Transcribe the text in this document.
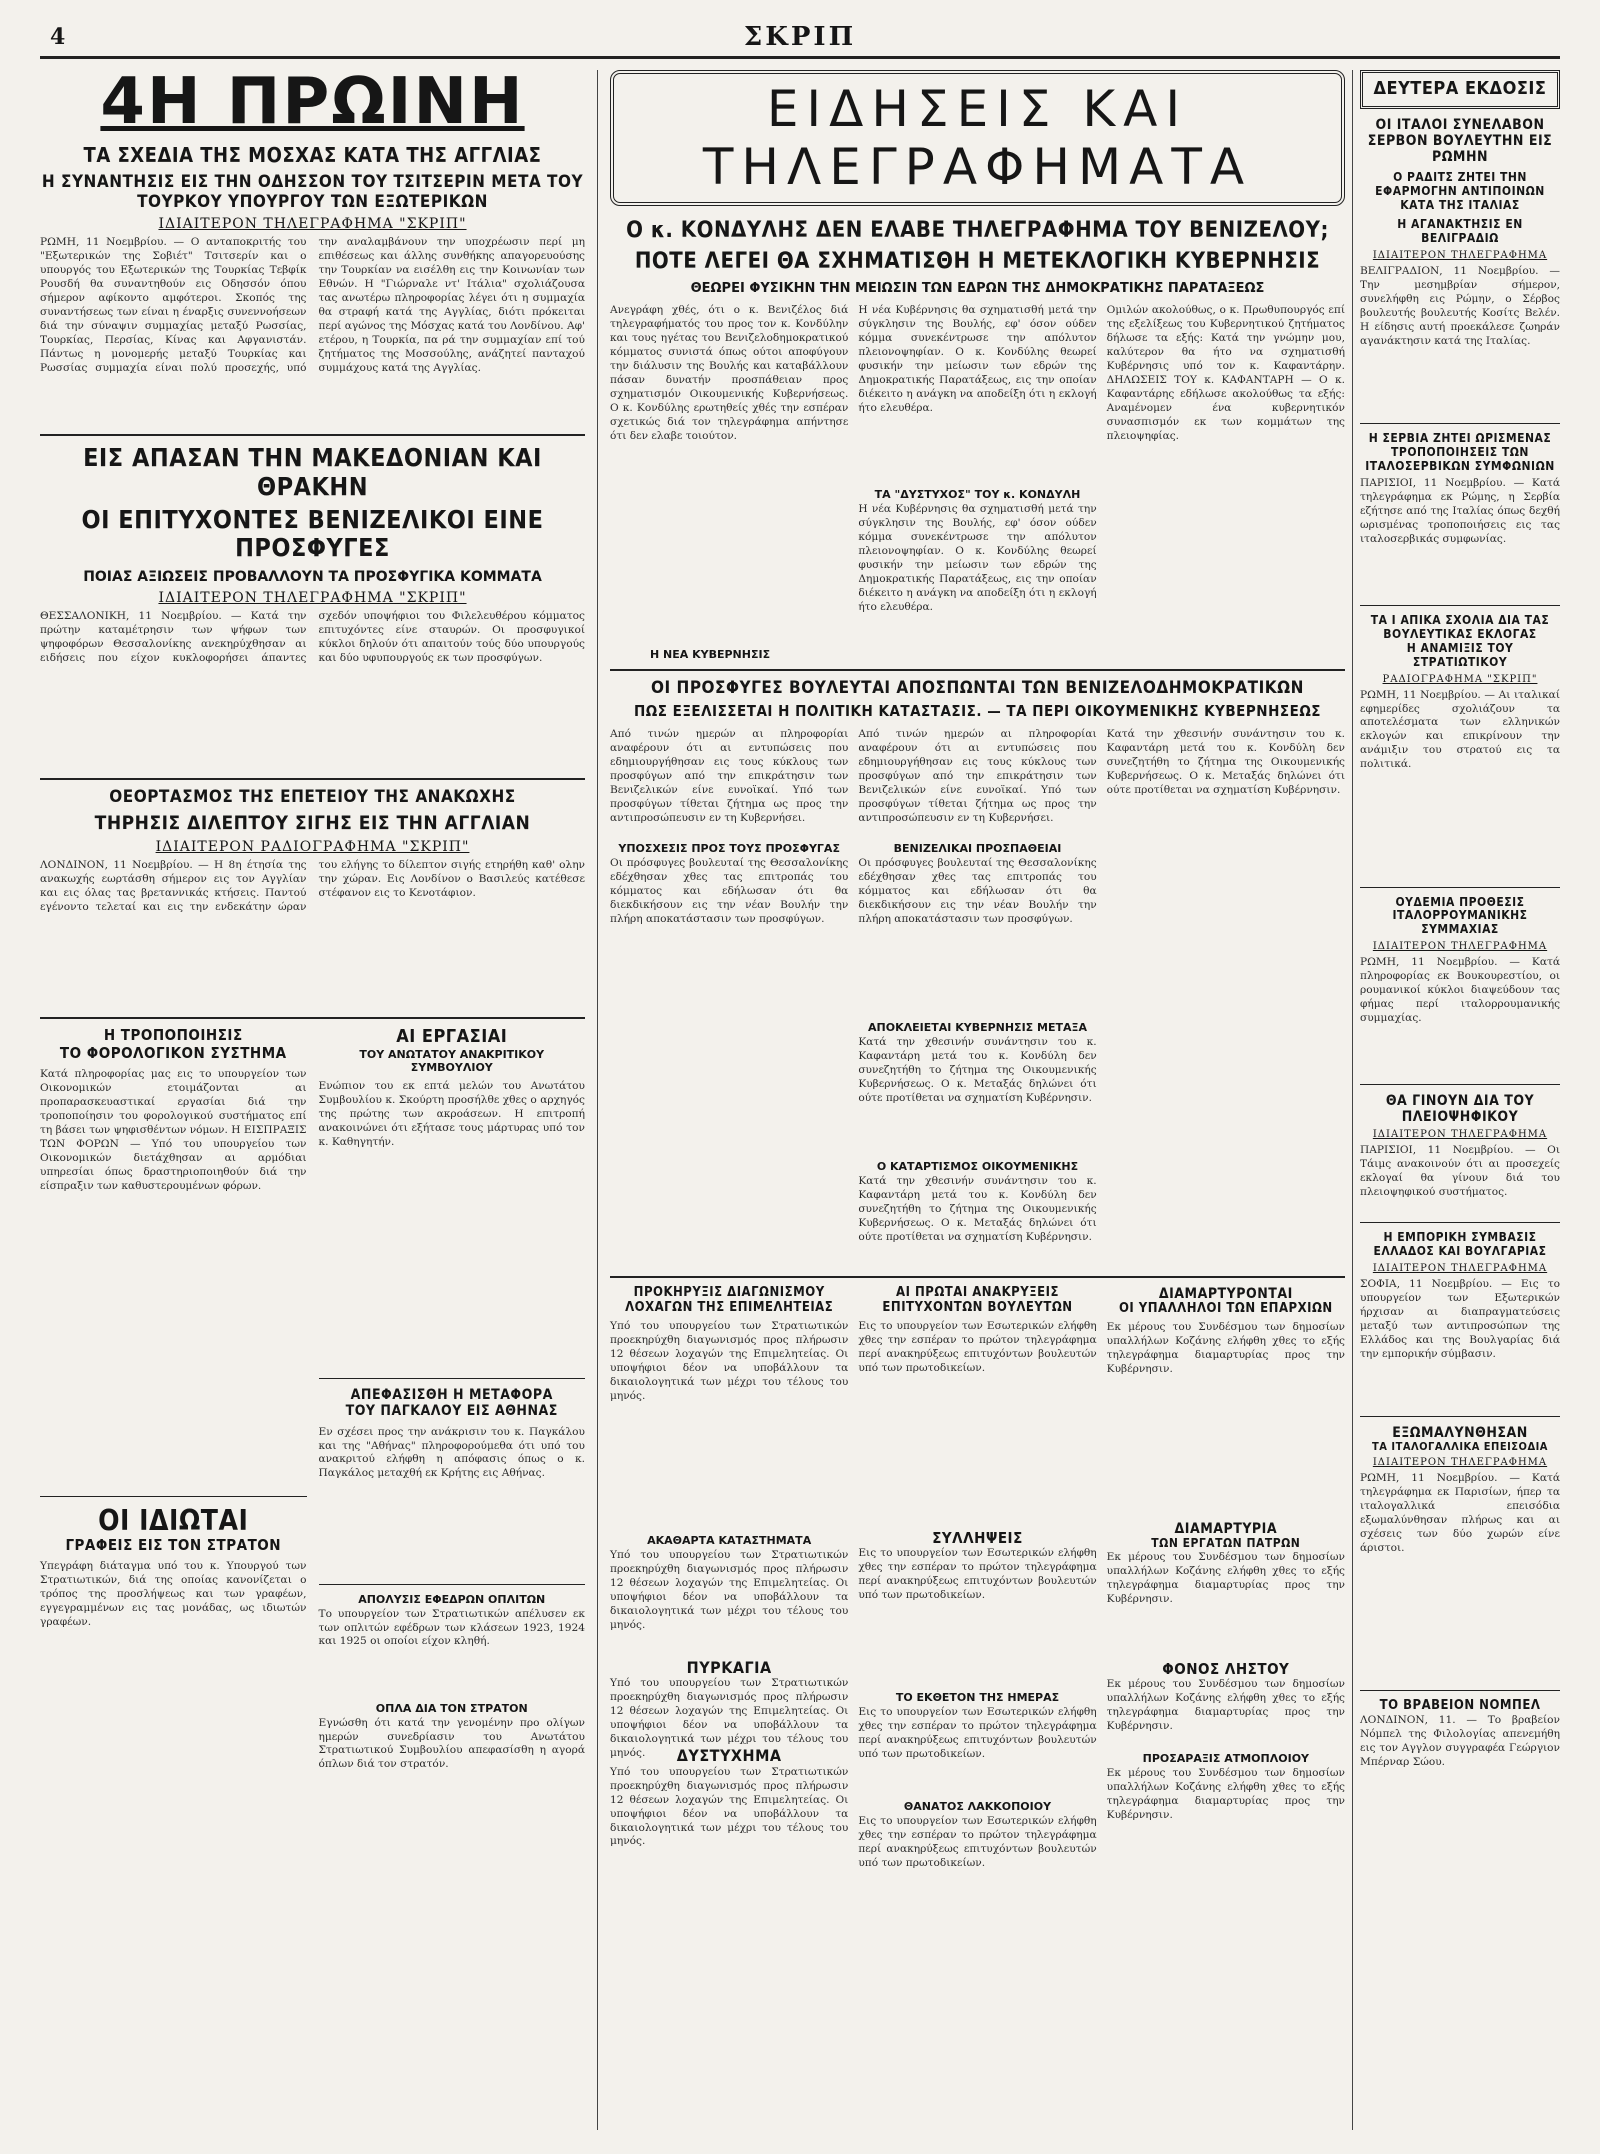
4	ΣΚΡΙΠ
4Η ΠΡΩΙΝΗ
ΤΑ ΣΧΕΔΙΑ ΤΗΣ ΜΟΣΧΑΣ ΚΑΤΑ ΤΗΣ ΑΓΓΛΙΑΣ
Η ΣΥΝΑΝΤΗΣΙΣ ΕΙΣ ΤΗΝ ΟΔΗΣΣΟΝ ΤΟΥ ΤΣΙΤΣΕΡΙΝ ΜΕΤΑ ΤΟΥ ΤΟΥΡΚΟΥ ΥΠΟΥΡΓΟΥ ΤΩΝ ΕΞΩΤΕΡΙΚΩΝ
ΙΔΙΑΙΤΕΡΟΝ ΤΗΛΕΓΡΑΦΗΜΑ "ΣΚΡΙΠ"
ΡΩΜΗ, 11 Νοεμβρίου. — Ο ανταποκριτής του "Εξωτερικών της Σοβιέτ" Τσιτσερίν και ο υπουργός του Εξωτερικών της Τουρκίας Τεβφίκ Ρουσδή θα συναντηθούν εις Οδησσόν όπου σήμερον αφίκοντο αμφότεροι. Σκοπός της συναντήσεως των είναι η έναρξις συνεννοήσεων διά την σύναψιν συμμαχίας μεταξύ Ρωσσίας, Τουρκίας, Περσίας, Κίνας και Αφγανιστάν. Πάντως η μονομερής μεταξύ Τουρκίας και Ρωσσίας συμμαχία είναι πολύ προσεχής, υπό την αναλαμβάνουν την υποχρέωσιν περί μη επιθέσεως και άλλης συνθήκης απαγορευούσης την Τουρκίαν να εισέλθη εις την Κοινωνίαν των Εθνών. Η "Γιώρναλε ντ' Ιτάλια" σχολιάζουσα τας ανωτέρω πληροφορίας λέγει ότι η συμμαχία θα στραφή κατά της Αγγλίας, διότι πρόκειται περί αγώνος της Μόσχας κατά του Λονδίνου. Αφ' ετέρου, η Τουρκία, πα ρά την συμμαχίαν επί τού ζητήματος της Μοσσούλης, ανάζητεί πανταχού συμμάχους κατά της Αγγλίας.
ΕΙΣ ΑΠΑΣΑΝ ΤΗΝ ΜΑΚΕΔΟΝΙΑΝ ΚΑΙ ΘΡΑΚΗΝ
ΟΙ ΕΠΙΤΥΧΟΝΤΕΣ ΒΕΝΙΖΕΛΙΚΟΙ ΕΙΝΕ ΠΡΟΣΦΥΓΕΣ
ΠΟΙΑΣ ΑΞΙΩΣΕΙΣ ΠΡΟΒΑΛΛΟΥΝ ΤΑ ΠΡΟΣΦΥΓΙΚΑ ΚΟΜΜΑΤΑ
ΙΔΙΑΙΤΕΡΟΝ ΤΗΛΕΓΡΑΦΗΜΑ "ΣΚΡΙΠ"
ΘΕΣΣΑΛΟΝΙΚΗ, 11 Νοεμβρίου. — Κατά την πρώτην καταμέτρησιν των ψήφων των ψηφοφόρων Θεσσαλονίκης ανεκηρύχθησαν αι ειδήσεις που είχον κυκλοφορήσει άπαντες σχεδόν υποψήφιοι του Φιλελευθέρου κόμματος επιτυχόντες είνε σταυρών. Οι προσφυγικοί κύκλοι δηλούν ότι απαιτούν τούς δύο υπουργούς και δύο υφυπουργούς εκ των προσφύγων.
ΟΕΟΡΤΑΣΜΟΣ ΤΗΣ ΕΠΕΤΕΙΟΥ ΤΗΣ ΑΝΑΚΩΧΗΣ
ΤΗΡΗΣΙΣ ΔΙΛΕΠΤΟΥ ΣΙΓΗΣ ΕΙΣ ΤΗΝ ΑΓΓΛΙΑΝ
ΙΔΙΑΙΤΕΡΟΝ ΡΑΔΙΟΓΡΑΦΗΜΑ "ΣΚΡΙΠ"
ΛΟΝΔΙΝΟΝ, 11 Νοεμβρίου. — Η 8η έτησία της ανακωχής εωρτάσθη σήμερον εις τον Αγγλίαν και εις όλας τας βρεταννικάς κτήσεις. Παντού εγένοντο τελεταί και εις την ενδεκάτην ώραν του ελήγης το δίλεπτον σιγής ετηρήθη καθ' ολην την χώραν. Εις Λονδίνον ο Βασιλεύς κατέθεσε στέφανον εις το Κενοτάφιον.
Η ΤΡΟΠΟΠΟΙΗΣΙΣ
ΤΟ ΦΟΡΟΛΟΓΙΚΟΝ ΣΥΣΤΗΜΑ
Κατά πληροφορίας μας εις το υπουργείον των Οικονομικών ετοιμάζονται αι προπαρασκευαστικαί εργασίαι διά την τροποποίησιν του φορολογικού συστήματος επί τη βάσει των ψηφισθέντων νόμων. Η ΕΙΣΠΡΑΞΙΣ ΤΩΝ ΦΟΡΩΝ — Υπό του υπουργείου των Οικονομικών διετάχθησαν αι αρμόδιαι υπηρεσίαι όπως δραστηριοποιηθούν διά την είσπραξιν των καθυστερουμένων φόρων.
ΟΙ ΙΔΙΩΤΑΙ
ΓΡΑΦΕΙΣ ΕΙΣ ΤΟΝ ΣΤΡΑΤΟΝ
Υπεγράφη διάταγμα υπό του κ. Υπουργού των Στρατιωτικών, διά της οποίας κανονίζεται ο τρόπος της προσλήψεως και των γραφέων, εγγεγραμμένων εις τας μονάδας, ως ιδιωτών γραφέων.
ΑΙ ΕΡΓΑΣΙΑΙ
ΤΟΥ ΑΝΩΤΑΤΟΥ ΑΝΑΚΡΙΤΙΚΟΥ ΣΥΜΒΟΥΛΙΟΥ
Ενώπιον του εκ επτά μελών του Ανωτάτου Συμβουλίου κ. Σκούρτη προσήλθε χθες ο αρχηγός της πρώτης των ακροάσεων. Η επιτροπή ανακοινώνει ότι εξήτασε τους μάρτυρας υπό τον κ. Καθηγητήν.
ΑΠΕΦΑΣΙΣΘΗ Η ΜΕΤΑΦΟΡΑ
ΤΟΥ ΠΑΓΚΑΛΟΥ ΕΙΣ ΑΘΗΝΑΣ
Εν σχέσει προς την ανάκρισιν του κ. Παγκάλου και της "Αθήνας" πληροφορούμεθα ότι υπό του ανακριτού ελήφθη η απόφασις όπως ο κ. Παγκάλος μεταχθή εκ Κρήτης εις Αθήνας.
ΑΠΟΛΥΣΙΣ ΕΦΕΔΡΩΝ ΟΠΛΙΤΩΝ
Το υπουργείον των Στρατιωτικών απέλυσεν εκ των οπλιτών εφέδρων των κλάσεων 1923, 1924 και 1925 οι οποίοι είχον κληθή.
ΟΠΛΑ ΔΙΑ ΤΟΝ ΣΤΡΑΤΟΝ
Εγνώσθη ότι κατά την γενομένην προ ολίγων ημερών συνεδρίασιν του Ανωτάτου Στρατιωτικού Συμβουλίου απεφασίσθη η αγορά όπλων διά τον στρατόν.
ΕΙΔΗΣΕΙΣ ΚΑΙ ΤΗΛΕΓΡΑΦΗΜΑΤΑ
Ο κ. ΚΟΝΔΥΛΗΣ ΔΕΝ ΕΛΑΒΕ ΤΗΛΕΓΡΑΦΗΜΑ ΤΟΥ ΒΕΝΙΖΕΛΟΥ;
ΠΟΤΕ ΛΕΓΕΙ ΘΑ ΣΧΗΜΑΤΙΣΘΗ Η ΜΕΤΕΚΛΟΓΙΚΗ ΚΥΒΕΡΝΗΣΙΣ
ΘΕΩΡΕΙ ΦΥΣΙΚΗΝ ΤΗΝ ΜΕΙΩΣΙΝ ΤΩΝ ΕΔΡΩΝ ΤΗΣ ΔΗΜΟΚΡΑΤΙΚΗΣ ΠΑΡΑΤΑΞΕΩΣ
Ανεγράφη χθές, ότι ο κ. Βενιζέλος διά τηλεγραφήματός του προς τον κ. Κονδύλην και τους ηγέτας του Βενιζελοδημοκρατικού κόμματος συνιστά όπως ούτοι αποφύγουν την διάλυσιν της Βουλής και καταβάλλουν πάσαν δυνατήν προσπάθειαν προς σχηματισμόν Οικουμενικής Κυβερνήσεως. Ο κ. Κονδύλης ερωτηθείς χθές την εσπέραν σχετικώς διά τον τηλεγράφημα απήντησε ότι δεν ελαβε τοιούτον.
Η νέα Κυβέρνησις θα σχηματισθή μετά την σύγκλησιν της Βουλής, εφ' όσον ούδεν κόμμα συνεκέντρωσε την απόλυτον πλειονοψηφίαν. Ο κ. Κονδύλης θεωρεί φυσικήν την μείωσιν των εδρών της Δημοκρατικής Παρατάξεως, εις την οποίαν διέκειτο η ανάγκη να αποδείξη ότι η εκλογή ήτο ελευθέρα.
ΤΑ "ΔΥΣΤΥΧΟΣ" ΤΟΥ κ. ΚΟΝΔΥΛΗ
Η νέα Κυβέρνησις θα σχηματισθή μετά την σύγκλησιν της Βουλής, εφ' όσον ούδεν κόμμα συνεκέντρωσε την απόλυτον πλειονοψηφίαν. Ο κ. Κονδύλης θεωρεί φυσικήν την μείωσιν των εδρών της Δημοκρατικής Παρατάξεως, εις την οποίαν διέκειτο η ανάγκη να αποδείξη ότι η εκλογή ήτο ελευθέρα.
Ομιλών ακολούθως, ο κ. Πρωθυπουργός επί της εξελίξεως του Κυβερνητικού ζητήματος δήλωσε τα εξής: Κατά την γνώμην μου, καλύτερον θα ήτο να σχηματισθή Κυβέρνησις υπό τον κ. Καφαντάρην. ΔΗΛΩΣΕΙΣ ΤΟΥ κ. ΚΑΦΑΝΤΑΡΗ — Ο κ. Καφαντάρης εδήλωσε ακολούθως τα εξής: Αναμένομεν ένα κυβερνητικόν συνασπισμόν εκ των κομμάτων της πλειοψηφίας.
Η ΝΕΑ ΚΥΒΕΡΝΗΣΙΣ
ΟΙ ΠΡΟΣΦΥΓΕΣ ΒΟΥΛΕΥΤΑΙ ΑΠΟΣΠΩΝΤΑΙ ΤΩΝ ΒΕΝΙΖΕΛΟΔΗΜΟΚΡΑΤΙΚΩΝ
ΠΩΣ ΕΞΕΛΙΣΣΕΤΑΙ Η ΠΟΛΙΤΙΚΗ ΚΑΤΑΣΤΑΣΙΣ. — ΤΑ ΠΕΡΙ ΟΙΚΟΥΜΕΝΙΚΗΣ ΚΥΒΕΡΝΗΣΕΩΣ
Από τινών ημερών αι πληροφορίαι αναφέρουν ότι αι εντυπώσεις που εδημιουργήθησαν εις τους κύκλους των προσφύγων από την επικράτησιν των Βενιζελικών είνε ευνοϊκαί. Υπό των προσφύγων τίθεται ζήτημα ως προς την αντιπροσώπευσιν εν τη Κυβερνήσει.
ΥΠΟΣΧΕΣΙΣ ΠΡΟΣ ΤΟΥΣ ΠΡΟΣΦΥΓΑΣ
Οι πρόσφυγες βουλευταί της Θεσσαλονίκης εδέχθησαν χθες τας επιτροπάς του κόμματος και εδήλωσαν ότι θα διεκδικήσουν εις την νέαν Βουλήν την πλήρη αποκατάστασιν των προσφύγων.
Από τινών ημερών αι πληροφορίαι αναφέρουν ότι αι εντυπώσεις που εδημιουργήθησαν εις τους κύκλους των προσφύγων από την επικράτησιν των Βενιζελικών είνε ευνοϊκαί. Υπό των προσφύγων τίθεται ζήτημα ως προς την αντιπροσώπευσιν εν τη Κυβερνήσει.
ΒΕΝΙΖΕΛΙΚΑΙ ΠΡΟΣΠΑΘΕΙΑΙ
Οι πρόσφυγες βουλευταί της Θεσσαλονίκης εδέχθησαν χθες τας επιτροπάς του κόμματος και εδήλωσαν ότι θα διεκδικήσουν εις την νέαν Βουλήν την πλήρη αποκατάστασιν των προσφύγων.
ΑΠΟΚΛΕΙΕΤΑΙ ΚΥΒΕΡΝΗΣΙΣ ΜΕΤΑΞΑ
Κατά την χθεσινήν συνάντησιν του κ. Καφαντάρη μετά του κ. Κονδύλη δεν συνεζητήθη το ζήτημα της Οικουμενικής Κυβερνήσεως. Ο κ. Μεταξάς δηλώνει ότι ούτε προτίθεται να σχηματίση Κυβέρνησιν.
Ο ΚΑΤΑΡΤΙΣΜΟΣ ΟΙΚΟΥΜΕΝΙΚΗΣ
Κατά την χθεσινήν συνάντησιν του κ. Καφαντάρη μετά του κ. Κονδύλη δεν συνεζητήθη το ζήτημα της Οικουμενικής Κυβερνήσεως. Ο κ. Μεταξάς δηλώνει ότι ούτε προτίθεται να σχηματίση Κυβέρνησιν.
Κατά την χθεσινήν συνάντησιν του κ. Καφαντάρη μετά του κ. Κονδύλη δεν συνεζητήθη το ζήτημα της Οικουμενικής Κυβερνήσεως. Ο κ. Μεταξάς δηλώνει ότι ούτε προτίθεται να σχηματίση Κυβέρνησιν.
ΠΡΟΚΗΡΥΞΙΣ ΔΙΑΓΩΝΙΣΜΟΥ
ΛΟΧΑΓΩΝ ΤΗΣ ΕΠΙΜΕΛΗΤΕΙΑΣ
Υπό του υπουργείου των Στρατιωτικών προεκηρύχθη διαγωνισμός προς πλήρωσιν 12 θέσεων λοχαγών της Επιμελητείας. Οι υποψήφιοι δέον να υποβάλλουν τα δικαιολογητικά των μέχρι του τέλους του μηνός.
ΑΚΑΘΑΡΤΑ ΚΑΤΑΣΤΗΜΑΤΑ
Υπό του υπουργείου των Στρατιωτικών προεκηρύχθη διαγωνισμός προς πλήρωσιν 12 θέσεων λοχαγών της Επιμελητείας. Οι υποψήφιοι δέον να υποβάλλουν τα δικαιολογητικά των μέχρι του τέλους του μηνός.
ΠΥΡΚΑΓΙΑ
Υπό του υπουργείου των Στρατιωτικών προεκηρύχθη διαγωνισμός προς πλήρωσιν 12 θέσεων λοχαγών της Επιμελητείας. Οι υποψήφιοι δέον να υποβάλλουν τα δικαιολογητικά των μέχρι του τέλους του μηνός.	ΔΥΣΤΥΧΗΜΑ
Υπό του υπουργείου των Στρατιωτικών προεκηρύχθη διαγωνισμός προς πλήρωσιν 12 θέσεων λοχαγών της Επιμελητείας. Οι υποψήφιοι δέον να υποβάλλουν τα δικαιολογητικά των μέχρι του τέλους του μηνός.
ΑΙ ΠΡΩΤΑΙ ΑΝΑΚΡΥΞΕΙΣ
ΕΠΙΤΥΧΟΝΤΩΝ ΒΟΥΛΕΥΤΩΝ
Εις το υπουργείον των Εσωτερικών ελήφθη χθες την εσπέραν το πρώτον τηλεγράφημα περί ανακηρύξεως επιτυχόντων βουλευτών υπό των πρωτοδικείων.
ΣΥΛΛΗΨΕΙΣ
Εις το υπουργείον των Εσωτερικών ελήφθη χθες την εσπέραν το πρώτον τηλεγράφημα περί ανακηρύξεως επιτυχόντων βουλευτών υπό των πρωτοδικείων.
ΤΟ ΕΚΘΕΤΟΝ ΤΗΣ ΗΜΕΡΑΣ
Εις το υπουργείον των Εσωτερικών ελήφθη χθες την εσπέραν το πρώτον τηλεγράφημα περί ανακηρύξεως επιτυχόντων βουλευτών υπό των πρωτοδικείων.
ΘΑΝΑΤΟΣ ΛΑΚΚΟΠΟΙΟΥ
Εις το υπουργείον των Εσωτερικών ελήφθη χθες την εσπέραν το πρώτον τηλεγράφημα περί ανακηρύξεως επιτυχόντων βουλευτών υπό των πρωτοδικείων.
ΔΙΑΜΑΡΤΥΡΟΝΤΑΙ
ΟΙ ΥΠΑΛΛΗΛΟΙ ΤΩΝ ΕΠΑΡΧΙΩΝ
Εκ μέρους του Συνδέσμου των δημοσίων υπαλλήλων Κοζάνης ελήφθη χθες το εξής τηλεγράφημα διαμαρτυρίας προς την Κυβέρνησιν.
ΔΙΑΜΑΡΤΥΡΙΑ
ΤΩΝ ΕΡΓΑΤΩΝ ΠΑΤΡΩΝ
Εκ μέρους του Συνδέσμου των δημοσίων υπαλλήλων Κοζάνης ελήφθη χθες το εξής τηλεγράφημα διαμαρτυρίας προς την Κυβέρνησιν.
ΦΟΝΟΣ ΛΗΣΤΟΥ
Εκ μέρους του Συνδέσμου των δημοσίων υπαλλήλων Κοζάνης ελήφθη χθες το εξής τηλεγράφημα διαμαρτυρίας προς την Κυβέρνησιν.
ΠΡΟΣΑΡΑΞΙΣ ΑΤΜΟΠΛΟΙΟΥ
Εκ μέρους του Συνδέσμου των δημοσίων υπαλλήλων Κοζάνης ελήφθη χθες το εξής τηλεγράφημα διαμαρτυρίας προς την Κυβέρνησιν.
ΔΕΥΤΕΡΑ ΕΚΔΟΣΙΣ
ΟΙ ΙΤΑΛΟΙ ΣΥΝΕΛΑΒΟΝ ΣΕΡΒΟΝ ΒΟΥΛΕΥΤΗΝ ΕΙΣ ΡΩΜΗΝ
Ο ΡΑΔΙΤΣ ΖΗΤΕΙ ΤΗΝ ΕΦΑΡΜΟΓΗΝ ΑΝΤΙΠΟΙΝΩΝ ΚΑΤΑ ΤΗΣ ΙΤΑΛΙΑΣ
Η ΑΓΑΝΑΚΤΗΣΙΣ ΕΝ ΒΕΛΙΓΡΑΔΙΩ
ΙΔΙΑΙΤΕΡΟΝ ΤΗΛΕΓΡΑΦΗΜΑ
ΒΕΛΙΓΡΑΔΙΟΝ, 11 Νοεμβρίου. — Την μεσημβρίαν σήμερον, συνελήφθη εις Ρώμην, ο Σέρβος βουλευτής βουλευτής Κοσίτς Βελέν. Η είδησις αυτή προεκάλεσε ζωηράν αγανάκτησιν κατά της Ιταλίας.
Η ΣΕΡΒΙΑ ΖΗΤΕΙ ΩΡΙΣΜΕΝΑΣ ΤΡΟΠΟΠΟΙΗΣΕΙΣ ΤΩΝ ΙΤΑΛΟΣΕΡΒΙΚΩΝ ΣΥΜΦΩΝΙΩΝ
ΠΑΡΙΣΙΟΙ, 11 Νοεμβρίου. — Κατά τηλεγράφημα εκ Ρώμης, η Σερβία εζήτησε από της Ιταλίας όπως δεχθή ωρισμένας τροποποιήσεις εις τας ιταλοσερβικάς συμφωνίας.
ΤΑ Ι ΑΠΙΚΑ ΣΧΟΛΙΑ ΔΙΑ ΤΑΣ ΒΟΥΛΕΥΤΙΚΑΣ ΕΚΛΟΓΑΣ
Η ΑΝΑΜΙΞΙΣ ΤΟΥ ΣΤΡΑΤΙΩΤΙΚΟΥ
ΡΑΔΙΟΓΡΑΦΗΜΑ "ΣΚΡΙΠ"
ΡΩΜΗ, 11 Νοεμβρίου. — Αι ιταλικαί εφημερίδες σχολιάζουν τα αποτελέσματα των ελληνικών εκλογών και επικρίνουν την ανάμιξιν του στρατού εις τα πολιτικά.
ΟΥΔΕΜΙΑ ΠΡΟΘΕΣΙΣ ΙΤΑΛΟΡΡΟΥΜΑΝΙΚΗΣ ΣΥΜΜΑΧΙΑΣ
ΙΔΙΑΙΤΕΡΟΝ ΤΗΛΕΓΡΑΦΗΜΑ
ΡΩΜΗ, 11 Νοεμβρίου. — Κατά πληροφορίας εκ Βουκουρεστίου, οι ρουμανικοί κύκλοι διαψεύδουν τας φήμας περί ιταλορρουμανικής συμμαχίας.
ΘΑ ΓΙΝΟΥΝ ΔΙΑ ΤΟΥ ΠΛΕΙΟΨΗΦΙΚΟΥ
ΙΔΙΑΙΤΕΡΟΝ ΤΗΛΕΓΡΑΦΗΜΑ
ΠΑΡΙΣΙΟΙ, 11 Νοεμβρίου. — Οι Τάιμς ανακοινούν ότι αι προσεχείς εκλογαί θα γίνουν διά του πλειοψηφικού συστήματος.
Η ΕΜΠΟΡΙΚΗ ΣΥΜΒΑΣΙΣ ΕΛΛΑΔΟΣ ΚΑΙ ΒΟΥΛΓΑΡΙΑΣ
ΙΔΙΑΙΤΕΡΟΝ ΤΗΛΕΓΡΑΦΗΜΑ
ΣΟΦΙΑ, 11 Νοεμβρίου. — Εις το υπουργείον των Εξωτερικών ήρχισαν αι διαπραγματεύσεις μεταξύ των αντιπροσώπων της Ελλάδος και της Βουλγαρίας διά την εμπορικήν σύμβασιν.
ΕΞΩΜΑΛΥΝΘΗΣΑΝ
ΤΑ ΙΤΑΛΟΓΑΛΛΙΚΑ ΕΠΕΙΣΟΔΙΑ
ΙΔΙΑΙΤΕΡΟΝ ΤΗΛΕΓΡΑΦΗΜΑ
ΡΩΜΗ, 11 Νοεμβρίου. — Κατά τηλεγράφημα εκ Παρισίων, ήπερ τα ιταλογαλλικά επεισόδια εξωμαλύνθησαν πλήρως και αι σχέσεις των δύο χωρών είνε άριστοι.
ΤΟ ΒΡΑΒΕΙΟΝ ΝΟΜΠΕΛ
ΛΟΝΔΙΝΟΝ, 11. — Το βραβείον Νόμπελ της Φιλολογίας απενεμήθη εις τον Αγγλον συγγραφέα Γεώργιον Μπέρναρ Σώου.
